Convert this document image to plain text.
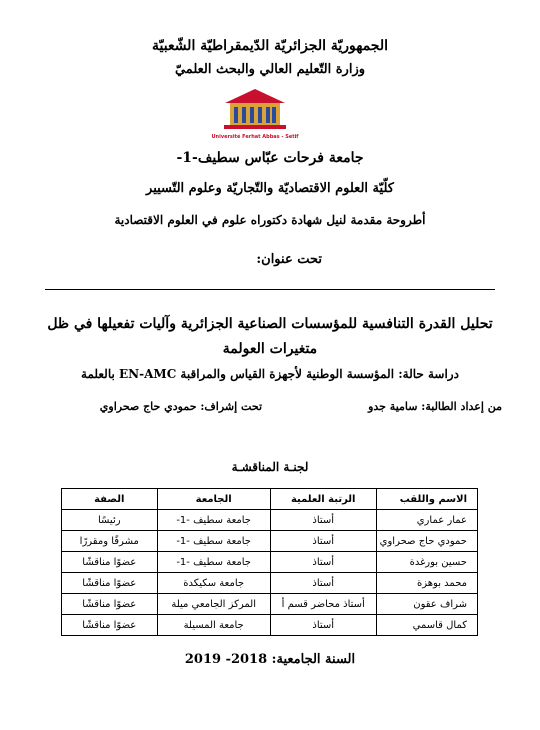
الجمهوريّة الجزائريّة الدّيمقراطيّة الشّعبيّة
وزارة التّعليم العالي والبحث العلميّ
Université Ferhat Abbas - Setif
جامعة فرحات عبّاس سطيف-1-
كلّيّة العلوم الاقتصاديّة والتّجاريّة وعلوم التّسيير
أطروحة مقدمة لنيل شهادة دكتوراه علوم في العلوم الاقتصادية
تحت عنوان:
تحليل القدرة التنافسية للمؤسسات الصناعية الجزائرية وآليات تفعيلها في ظل
متغيرات العولمة
دراسة حالة: المؤسسة الوطنية لأجهزة القياس والمراقبة EN-AMC بالعلمة
من إعداد الطالبة: سامية جدو
تحت إشراف: حمودي حاج صحراوي
لجنـة المناقشـة
الاسم واللقب	الرتبة العلمية	الجامعة	الصفة
عمار عماري	أستاذ	جامعة سطيف -1-	رئيسًا
حمودي حاج صحراوي	أستاذ	جامعة سطيف -1-	مشرفًا ومقررًا
حسين بورغدة	أستاذ	جامعة سطيف -1-	عضوًا مناقشًا
محمد بوهزة	أستاذ	جامعة سكيكدة	عضوًا مناقشًا
شراف عقون	أستاذ محاضر قسم أ	المركز الجامعي ميلة	عضوًا مناقشًا
كمال قاسمي	أستاذ	جامعة المسيلة	عضوًا مناقشًا
السنة الجامعية: 2018- 2019
